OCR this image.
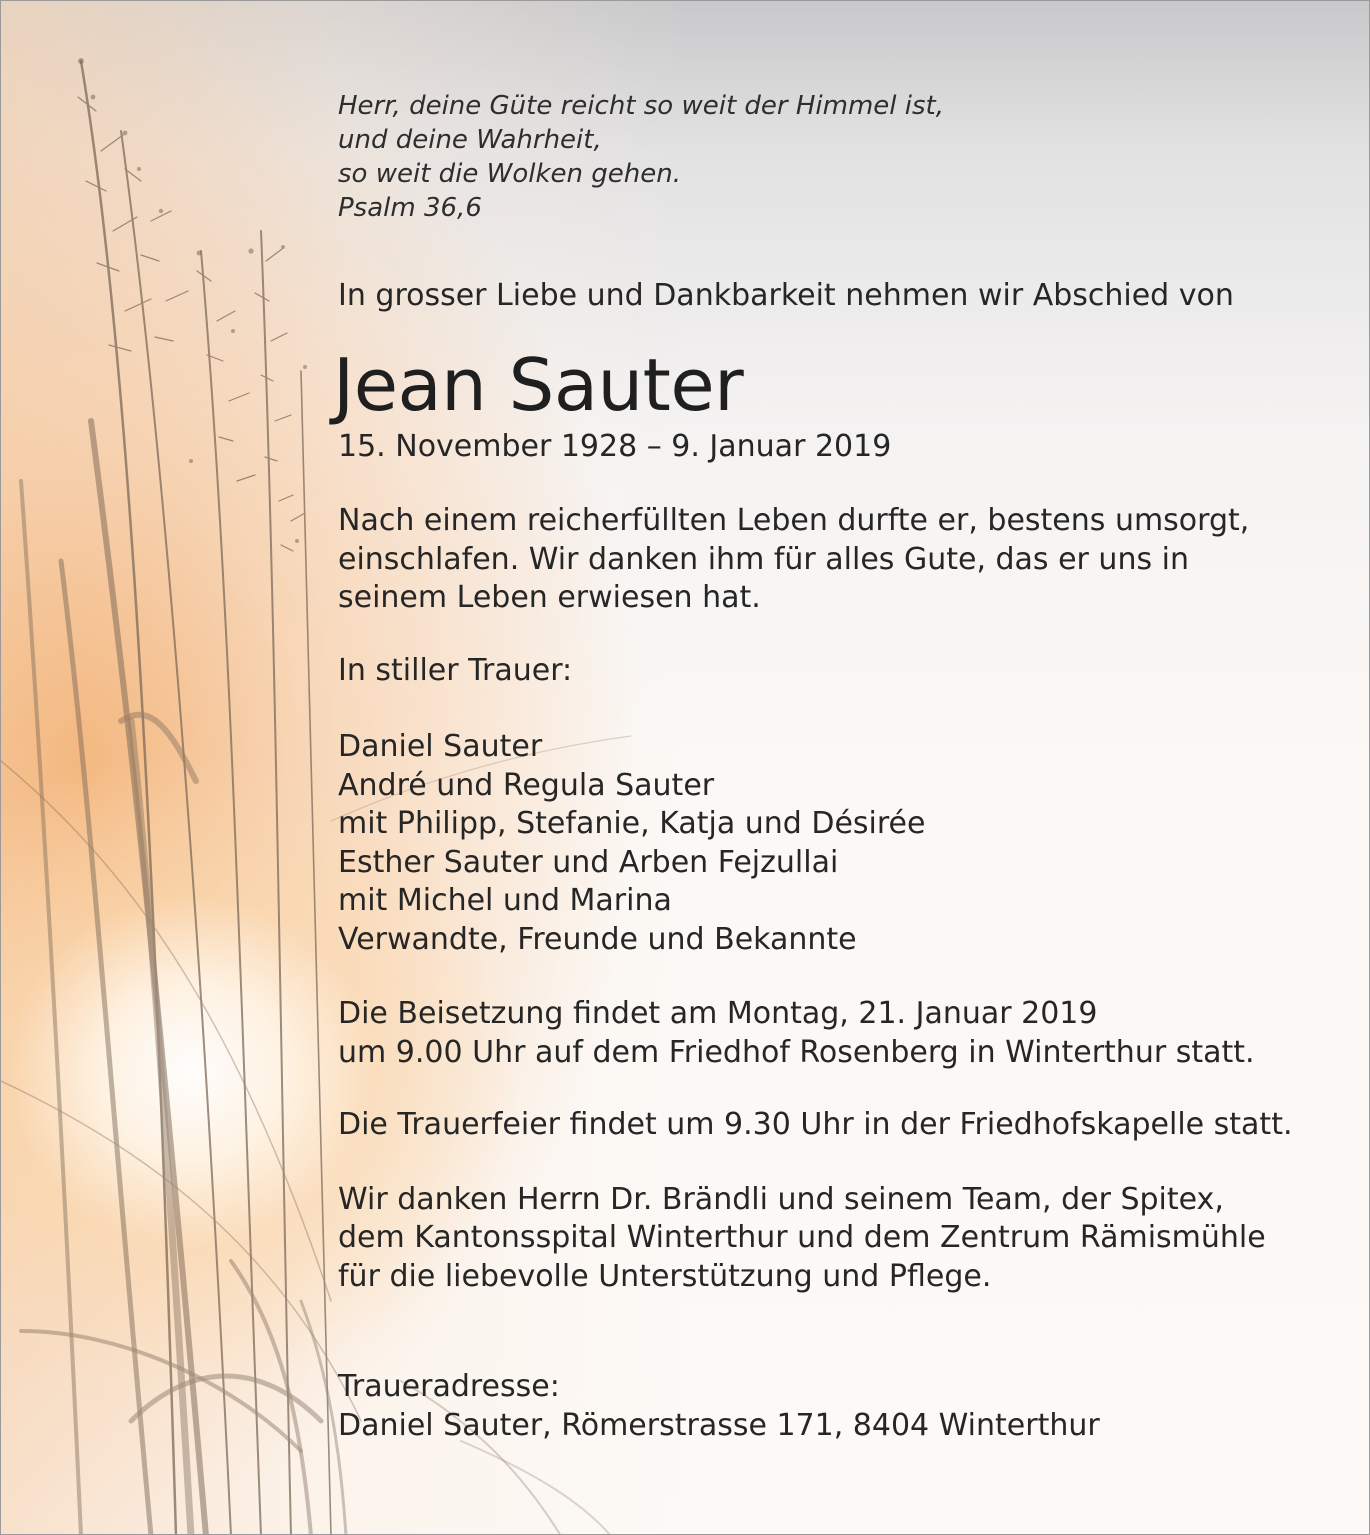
Herr, deine Güte reicht so weit der Himmel ist,
und deine Wahrheit,
so weit die Wolken gehen.
Psalm 36,6
In grosser Liebe und Dankbarkeit nehmen wir Abschied von
Jean Sauter
15. November 1928 – 9. Januar 2019
Nach einem reicherfüllten Leben durfte er, bestens umsorgt,
einschlafen. Wir danken ihm für alles Gute, das er uns in
seinem Leben erwiesen hat.
In stiller Trauer:
Daniel Sauter
André und Regula Sauter
mit Philipp, Stefanie, Katja und Désirée
Esther Sauter und Arben Fejzullai
mit Michel und Marina
Verwandte, Freunde und Bekannte
Die Beisetzung findet am Montag, 21. Januar 2019
um 9.00 Uhr auf dem Friedhof Rosenberg in Winterthur statt.
Die Trauerfeier findet um 9.30 Uhr in der Friedhofskapelle statt.
Wir danken Herrn Dr. Brändli und seinem Team, der Spitex,
dem Kantonsspital Winterthur und dem Zentrum Rämismühle
für die liebevolle Unterstützung und Pflege.
Traueradresse:
Daniel Sauter, Römerstrasse 171, 8404 Winterthur
